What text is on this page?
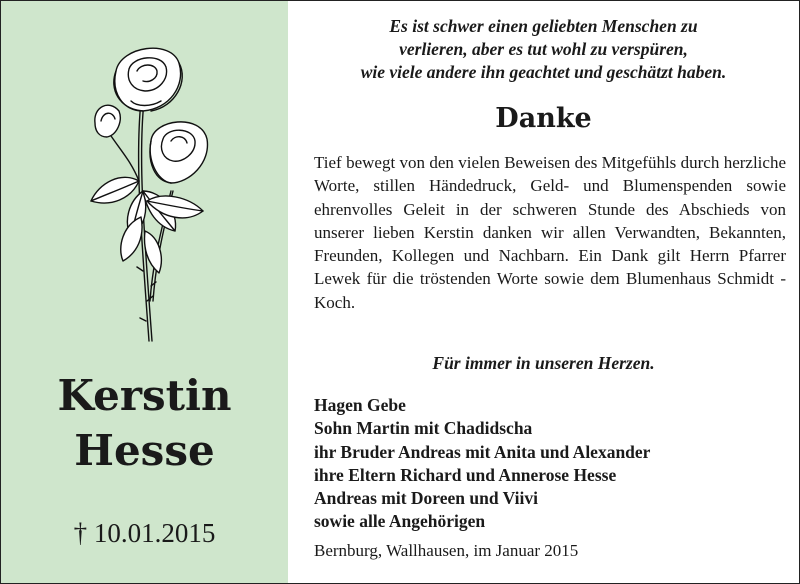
Kerstin
Hesse
† 10.01.2015
Es ist schwer einen geliebten Menschen zu
verlieren, aber es tut wohl zu verspüren,
wie viele andere ihn geachtet und geschätzt haben.
Danke

Tief bewegt von den vielen Beweisen des Mitgefühls durch herzliche Worte, stillen Händedruck, Geld- und Blumenspenden sowie ehrenvolles Geleit in der schweren Stunde des Abschieds von unserer lieben Kerstin danken wir allen Verwandten, Bekannten, Freunden, Kollegen und Nachbarn. Ein Dank gilt Herrn Pfarrer Lewek für die tröstenden Worte sowie dem Blumenhaus Schmidt - Koch.

Für immer in unseren Herzen.
Hagen Gebe
Sohn Martin mit Chadidscha
ihr Bruder Andreas mit Anita und Alexander
ihre Eltern Richard und Annerose Hesse
Andreas mit Doreen und Viivi
sowie alle Angehörigen
Bernburg, Wallhausen, im Januar 2015
